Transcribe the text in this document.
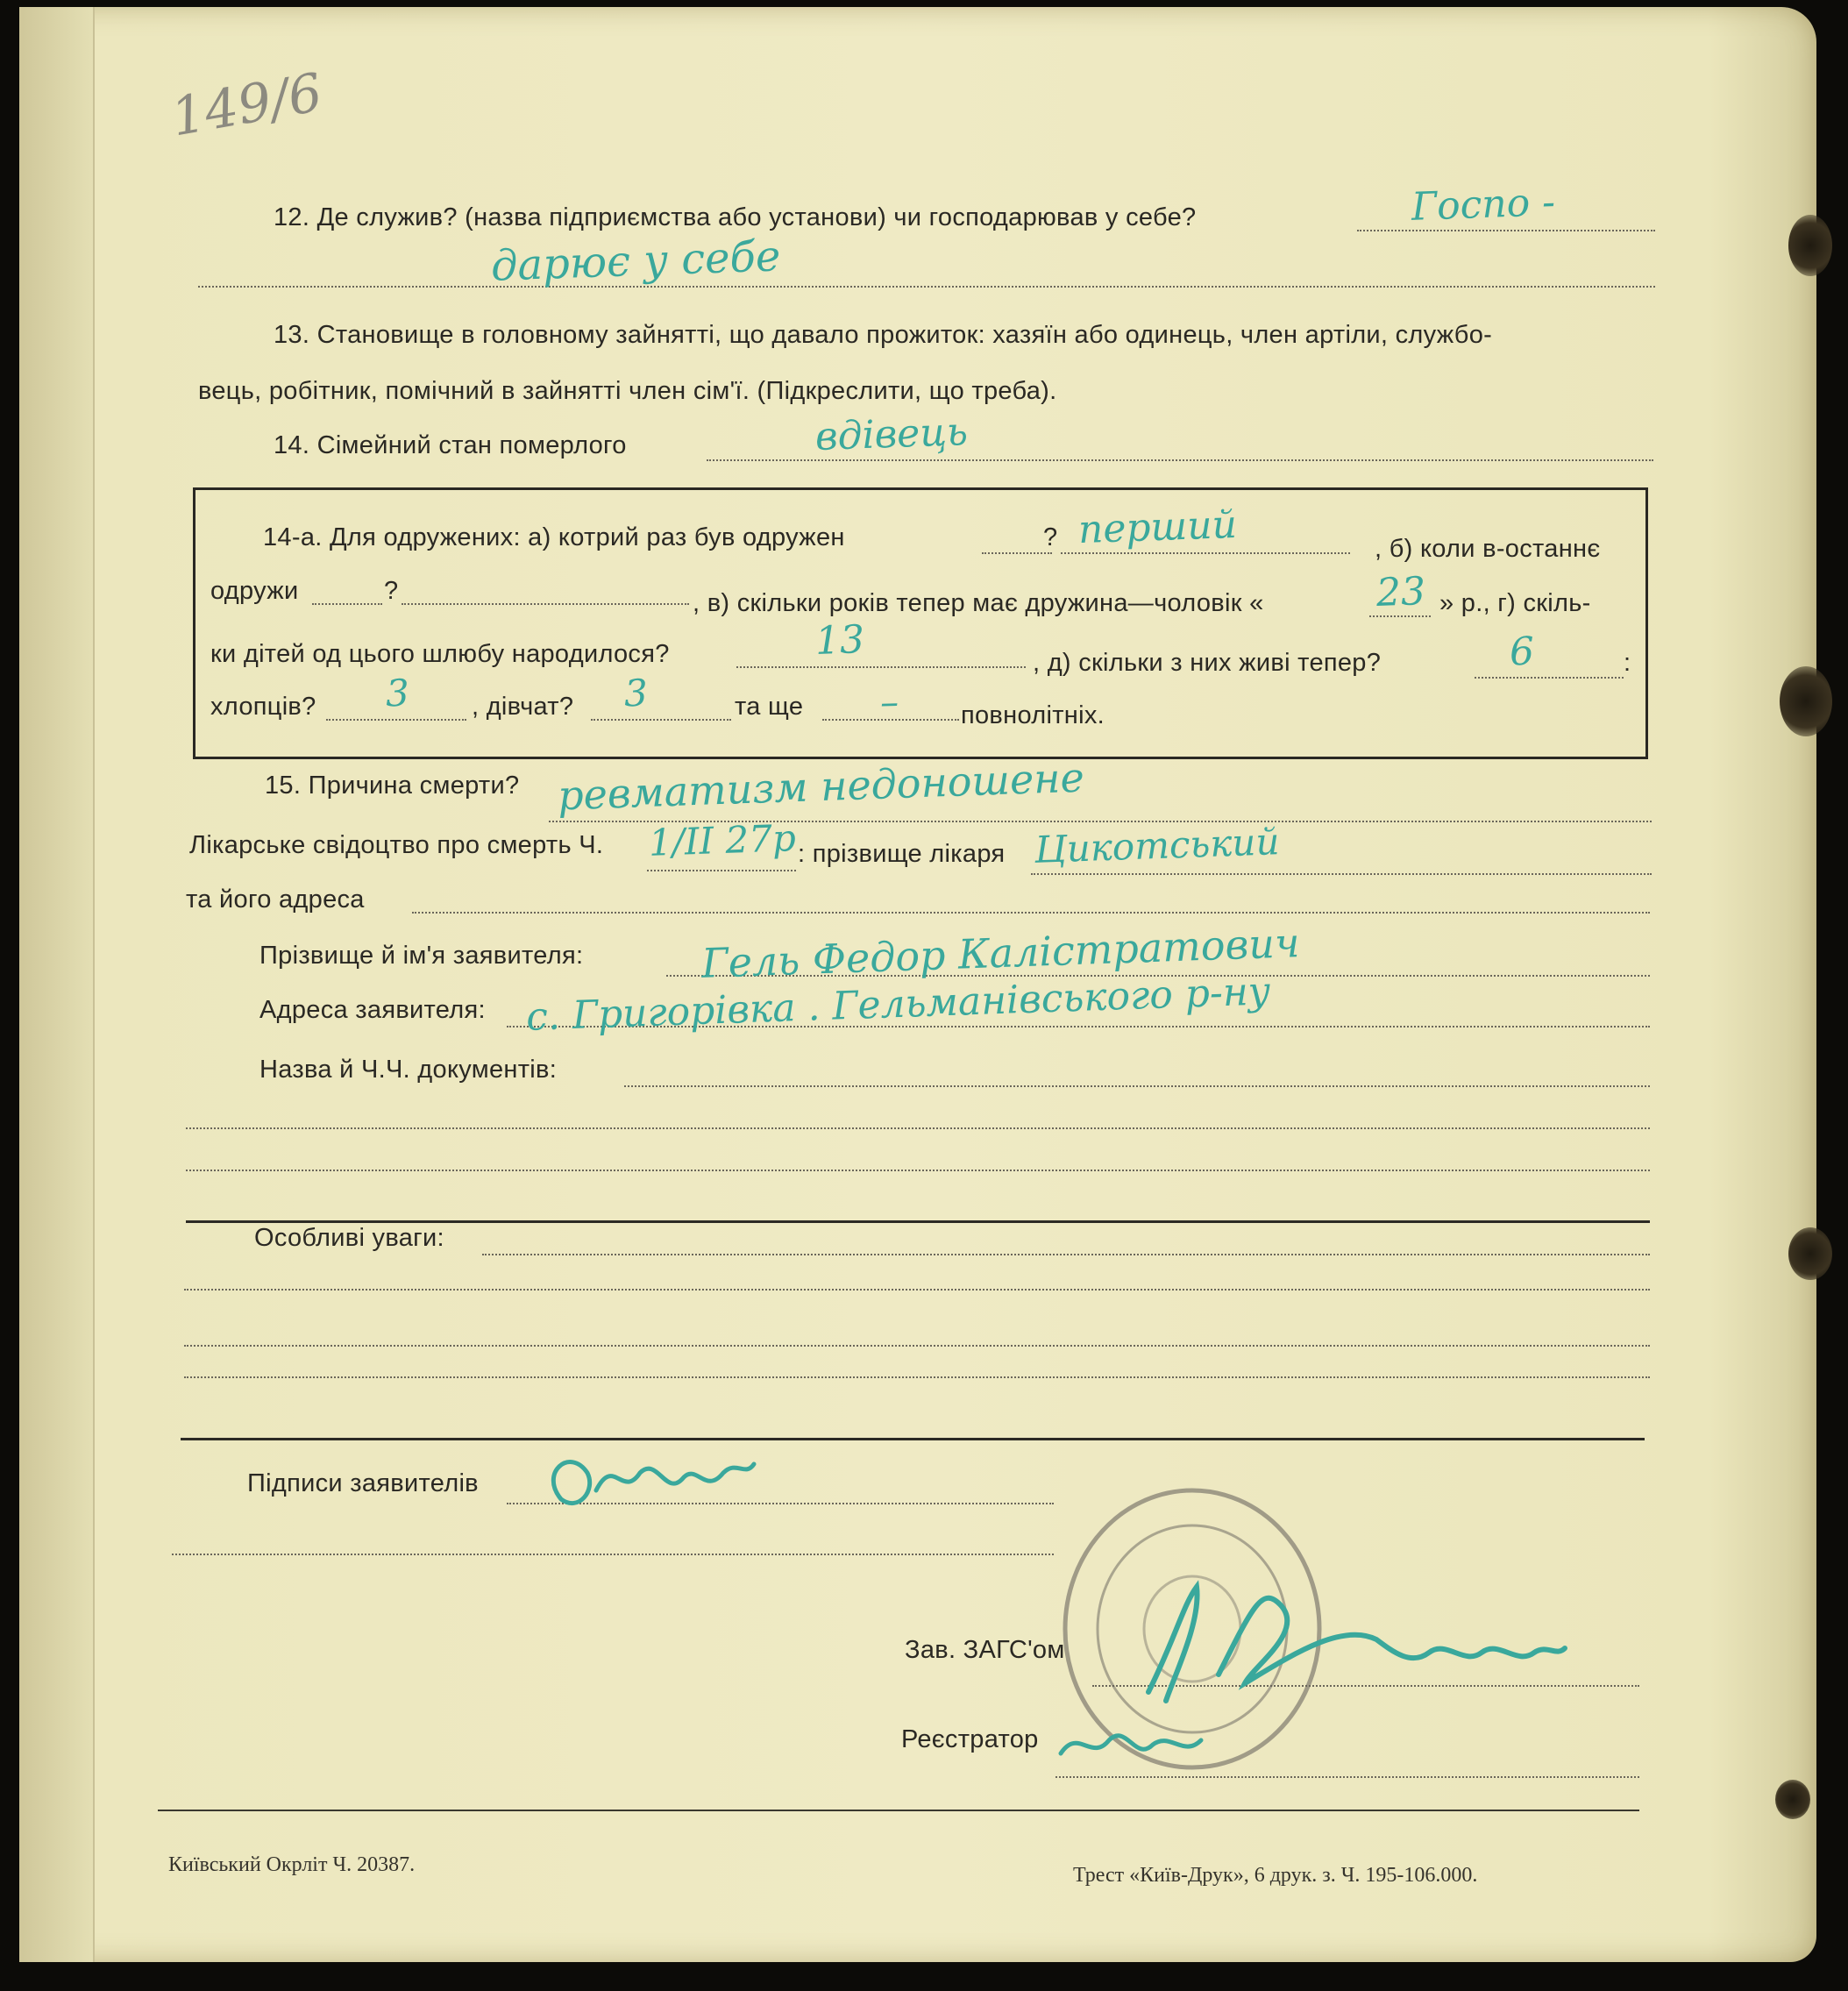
149/6
12. Де служив? (назва підприємства або установи) чи господарював у себе?	Госпо -
дарює у себе
13. Становище в головному зайнятті, що давало прожиток: хазяїн або одинець, член артіли, службо-
вець, робітник, помічний в зайнятті член сім'ї. (Підкреслити, що треба).
14. Сімейний стан померлого	вдівець
14-а. Для одружених: а) котрий раз був одружен	? перший	, б) коли в-останнє
одружи	?	, в) скільки років тепер має дружина—чоловік «	23 » р., г) скіль-
ки дітей од цього шлюбу народилося?	13	, д) скільки з них живі тепер?	6	:
хлопців? 3 , дівчат? 3	та ще – повнолітніх.
15. Причина смерти? ревматизм недоношене
Лікарське свідоцтво про смерть Ч. 1/II 27р : прізвище лікаря Цикотський
та його адреса
Прізвище й ім'я заявителя:	Гель Федор Калістратович
Адреса заявителя: с. Григорівка . Гельманівського р-ну
Назва й Ч.Ч. документів:
Особливі уваги:
Підписи заявителів
Зав. ЗАГС'ом
Реєстратор
Київський Окрліт Ч. 20387.	Трест «Київ-Друк», 6 друк. з. Ч. 195-106.000.
